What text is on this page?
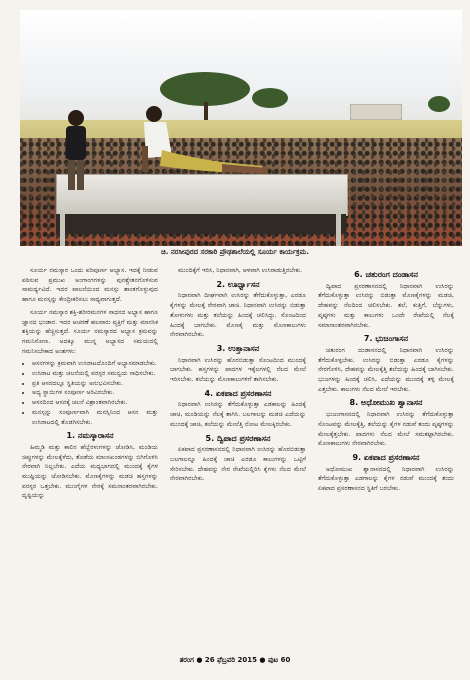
ಚಿ. ನರಸೀಪುರದ ಸರಕಾರಿ ಪ್ರೌಢಶಾಲೆಯಲ್ಲಿ ಸೂರ್ಯ ಕಾರ್ಯಕ್ರಮ.

ಸೂರ್ಯ ನಮಸ್ಕಾರ ಒಂದು ಪರಿಪೂರ್ಣ ಆಭ್ಯಾಸ. ಇದಕ್ಕೆ ನೀಡುವ ಪಠಿಸುವ ಪ್ರಮುಖ ಅಂಗಾಂಗಗಳನ್ನು ಪುನಶ್ಚೇತನಗೊಳಿಸುವ ಸಾಮರ್ಥ್ಯವಿದೆ. ಇದರ ಪಾಲನೆಯಿಂದ ಮನಸ್ಸು ಶಾಂತಗೊಳ್ಳುವುದ ಹಾಗೂ ಮನಸ್ಸನ್ನು ಕೇಂದ್ರೀಕರಿಸಲು ಸಾಧ್ಯವಾಗುತ್ತದೆ.

ಸೂರ್ಯ ನಮಸ್ಕಾರ ಶಕ್ತಿ-ಶರೀರಮನಗಳ ಸಾಧನದ ಅಭ್ಯಾಸ ಹಾಗೂ ಜ್ಞಾನದ ಭಂಡಾರ. ಇದರ ಆಚರಣೆ ಹಲವಾರು ವ್ಯಕ್ತಿಗೆ ಮತ್ತು ಮಾನಸಿಕ ಶಕ್ತಿಯನ್ನು ಹೆಚ್ಚಿಸುತ್ತದೆ. ಸೂರ್ಯ ನಮಸ್ಕಾರದ ಅಭ್ಯಾಸ ಕ್ರಮವನ್ನು ಗಮನಿಸೋಣ. ಅದಕ್ಕೂ ಮುನ್ನ ಅಭ್ಯಾಸದ ಸಮಯದಲ್ಲಿ ಗಮನಿಸಬೇಕಾದ ಅಂಶಗಳು:

• ಆಸನಗಳನ್ನು ಕ್ರಮವಾಗಿ ಉಸಿರಾಟದೊಂದಿಗೆ ಅಭ್ಯಾಸಮಾಡಬೇಕು.
• ಉಸಿರಾಟ ಮತ್ತು ಚಲನೆಯಲ್ಲಿ ಪರಸ್ಪರ ಸಮನ್ವಯ ಸಾಧಿಸಬೇಕು.
• ಪ್ರತಿ ಆಸನದಲ್ಲೂ ಸ್ಥಿತಿಯನ್ನು ಅನುಭವಿಸಬೇಕು.
• ಅಧ್ಯ ಸ್ಥಾಯಿಗಳ ಸಂಪೂರ್ಣ ಅರಿವಿರಬೇಕು.
• ಆಸನದಿಂದ ಆಸನಕ್ಕೆ ಚಲನೆ ವಿಶ್ರಾಂತವಾಗಿರಬೇಕು.
• ಮನಸ್ಸನ್ನು ಸಂಪೂರ್ಣವಾಗಿ ಮನಸ್ಸಿನಿಂದ ಆಸನ ಮತ್ತು ಉಸಿರಾಟದಲ್ಲಿ ತೊಡಗಿಸಬೇಕು.
1. ನಮಸ್ಕಾರಾಸನ

ಹಿಮ್ಮಡಿ ಮತ್ತು ಕಾಲಿನ ಹೆಬ್ಬೆರಳುಗಳನ್ನು ಜೋಡಿಸಿ, ಮಂಡಿಯ ಚಿಪ್ಪುಗಳನ್ನು ಮೇಲಕ್ಕೆಳೆದು, ತೊಡೆಯ ಮಾಂಸಖಂಡಗಳನ್ನು ಬಿಗಿಗೊಳಿಸಿ ನೇರವಾಗಿ ನಿಲ್ಲಬೇಕು. ಎದೆಯ ಮಧ್ಯಭಾಗದಲ್ಲಿ ಮುಂದಕ್ಕೆ ಕೈಗಳ ಮುಷ್ಟಿಯನ್ನು ಜೋಡಿಸಬೇಕು. ಮೊಣಕೈಗಳನ್ನು ಮಡಚಿ ಹಸ್ತಗಳನ್ನು ಪರಸ್ಪರ ಒತ್ತಬೇಕು. ಮುಂಗೈಗಳ ನೇರಕ್ಕೆ ಸಮನಾಂತರವಾಗಿರಬೇಕು. ದೃಷ್ಟಿಯನ್ನು

ಮುಂದಿಕ್ಕೆಗೆ ಇರಿಸಿ, ನಿಧಾನವಾಗಿ, ಆಳವಾಗಿ ಉಸಿರಾಡುತ್ತಿರಬೇಕು.

2. ಊರ್ಧ್ವಾಸನ

ನಿಧಾನವಾಗಿ ದೀರ್ಘವಾಗಿ ಉಸಿರನ್ನು ತೆಗೆದುಕೊಳ್ಳುತ್ತಾ, ಎರಡೂ ಕೈಗಳನ್ನು ಮೇಲಕ್ಕೆ ನೇರವಾಗಿ ಚಾಚಿ. ನಿಧಾನವಾಗಿ ಉಸಿರನ್ನು ಬಿಡುತ್ತಾ ತೋಳುಗಳು ಮತ್ತು ತಲೆಯನ್ನು ಹಿಂದಕ್ಕೆ ಚಲಿಸಿದ್ದು. ಸೊಂಟದಿಂದ ಹಿಂದಕ್ಕೆ ಬಾಗಬೇಕು. ಮೊಣಕೈ ಮತ್ತು ಮೊಣಕಾಲುಗಳು ನೇರವಾಗಿರಬೇಕು.

3. ಉತ್ತಾನಾಸನ

ನಿಧಾನವಾಗಿ ಉಸಿರನ್ನು ಹೊರಬಿಡುತ್ತಾ ಸೊಂಟದಿಂದ ಮುಂದಕ್ಕೆ ಬಾಗಬೇಕು. ಹಸ್ತಗಳನ್ನು ಪಾದಗಳ ಇಕ್ಕೆಲಗಳಲ್ಲಿ ನೆಲದ ಮೇಲೆ ಇರಿಸಬೇಕು. ತಲೆಯನ್ನು ಮೊಣಕಾಲುಗಳಿಗೆ ತಾಗಿಸಬೇಕು.

4. ಏಕಪಾದ ಪ್ರಸರಣಾಸನ

ನಿಧಾನವಾಗಿ ಉಸಿರನ್ನು ತೆಗೆದುಕೊಳ್ಳುತ್ತಾ ಎಡಕಾಲನ್ನು ಹಿಂದಕ್ಕೆ ಚಾಚಿ, ಮಂಡಿಯನ್ನು ನೆಲಕ್ಕೆ ತಾಗಿಸಿ. ಬಲಗಾಲನ್ನು ಮಡಚಿ ಎದೆಯನ್ನು ಮುಂದಕ್ಕೆ ಚಾಚಿ, ತಲೆಯನ್ನು ಮೇಲೆತ್ತಿ ನೋಟ ಮೇಲಕ್ಕಿರಬೇಕು.

5. ದ್ವಿಪಾದ ಪ್ರಸರಣಾಸನ

ಏಕಪಾದ ಪ್ರಸರಣಾಸನದಲ್ಲಿ ನಿಧಾನವಾಗಿ ಉಸಿರನ್ನು ಹೊರಬಿಡುತ್ತಾ ಬಲಗಾಲನ್ನೂ ಹಿಂದಕ್ಕೆ ಚಾಚಿ ಎರಡೂ ಕಾಲುಗಳನ್ನು ಒಟ್ಟಿಗೆ ಸೇರಿಸಬೇಕು. ದೇಹವನ್ನು ನೇರ ರೇಖೆಯಲ್ಲಿರಿಸಿ ಕೈಗಳು ನೆಲದ ಮೇಲೆ ನೇರವಾಗಿರಬೇಕು.

6. ಚತುರಂಗ ದಂಡಾಸನ

ದ್ವಿಪಾದ ಪ್ರಸರಣಾಸನದಲ್ಲಿ ನಿಧಾನವಾಗಿ ಉಸಿರನ್ನು ತೆಗೆದುಕೊಳ್ಳುತ್ತಾ ಉಸಿರನ್ನು ಬಿಡುತ್ತಾ ಮೊಣಕೈಗಳನ್ನು ಮಡಚಿ, ದೇಹವನ್ನು ನೆಲದಿಂದ ಚಲಿಸಬೇಕು. ತಲೆ, ಕುತ್ತಿಗೆ, ಬೆನ್ನುಗಳು, ಪೃಷ್ಠಗಳು ಮತ್ತು ಕಾಲುಗಳು ಒಂದೇ ರೇಖೆಯಲ್ಲಿ ನೆಲಕ್ಕೆ ಸಮಾನಾಂತರವಾಗಿರಬೇಕು.

7. ಭುಜಂಗಾಸನ

ಚತುರಂಗ ದಂಡಾಸನದಲ್ಲಿ ನಿಧಾನವಾಗಿ ಉಸಿರನ್ನು ತೆಗೆದುಕೊಳ್ಳಬೇಕು. ಉಸಿರನ್ನು ಬಿಡುತ್ತಾ ಎರಡೂ ಕೈಗಳನ್ನು ನೇರಗೊಳಿಸಿ, ದೇಹವನ್ನು ಮೇಲಕ್ಕೆತ್ತಿ ತಲೆಯನ್ನು ಹಿಂದಕ್ಕೆ ಬಾಗಿಸಬೇಕು. ಭುಜಗಳನ್ನು ಹಿಂದಕ್ಕೆ ಚಲಿಸಿ, ಎದೆಯನ್ನು ಮುಂದಕ್ಕೆ ತಳ್ಳಿ ಮೇಲಕ್ಕೆ ಎತ್ತಬೇಕು. ಕಾಲುಗಳು ನೆಲದ ಮೇಲೆ ಇರಬೇಕು.

8. ಅಧೋಮುಖ ಶ್ವಾನಾಸನ

ಭುಜಂಗಾಸನದಲ್ಲಿ ನಿಧಾನವಾಗಿ ಉಸಿರನ್ನು ತೆಗೆದುಕೊಳ್ಳುತ್ತಾ ಸೊಂಟವನ್ನು ಮೇಲಕ್ಕೆತ್ತಿ, ತಲೆಯನ್ನು ಕೈಗಳ ನಡುವೆ ತಂದು ಪೃಷ್ಠಗಳನ್ನು ಮೇಲಕ್ಕೆತ್ತಬೇಕು. ಪಾದಗಳು ನೆಲದ ಮೇಲೆ ಸಮತಟ್ಟಾಗಿರಬೇಕು. ಮೊಣಕಾಲುಗಳು ನೇರವಾಗಿರಬೇಕು.

9. ಏಕಪಾದ ಪ್ರಸರಣಾಸನ

ಅಧೋಮುಖ ಶ್ವಾನಾಸನದಲ್ಲಿ ನಿಧಾನವಾಗಿ ಉಸಿರನ್ನು ತೆಗೆದುಕೊಳ್ಳುತ್ತಾ ಎಡಗಾಲನ್ನು ಕೈಗಳ ನಡುವೆ ಮುಂದಕ್ಕೆ ತಂದು ಏಕಪಾದ ಪ್ರಸರಣಾಸನದ ಸ್ಥಿತಿಗೆ ಬರಬೇಕು.

ತರಂಗ ● 26 ಫೆಬ್ರವರಿ 2015 ● ಪುಟ 60
